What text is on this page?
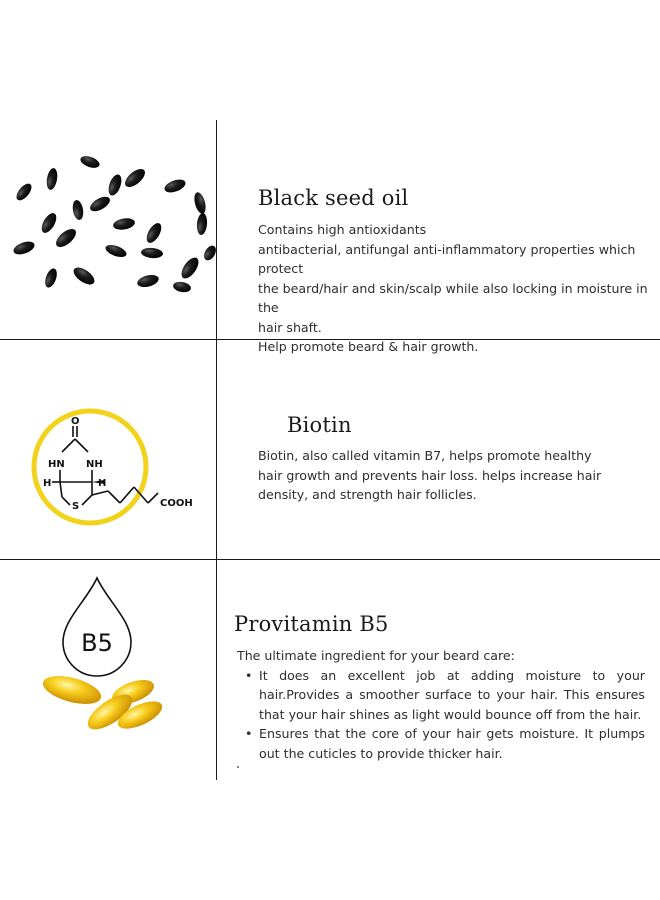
Black seed oil
Contains high antioxidants
antibacterial, antifungal anti-inflammatory properties which protect
the beard/hair and skin/scalp while also locking in moisture in the
hair shaft.
Help promote beard & hair growth.
O
HN NH
H	H
S	COOH
Biotin
Biotin, also called vitamin B7, helps promote healthy
hair growth and prevents hair loss. helps increase hair
density, and strength hair follicles.
B5
Provitamin B5
The ultimate ingredient for your beard care:
• It does an excellent job at adding moisture to your hair.Provides a smoother surface to your hair. This ensures that your hair shines as light would bounce off from the hair.
• Ensures that the core of your hair gets moisture. It plumps out the cuticles to provide thicker hair.
